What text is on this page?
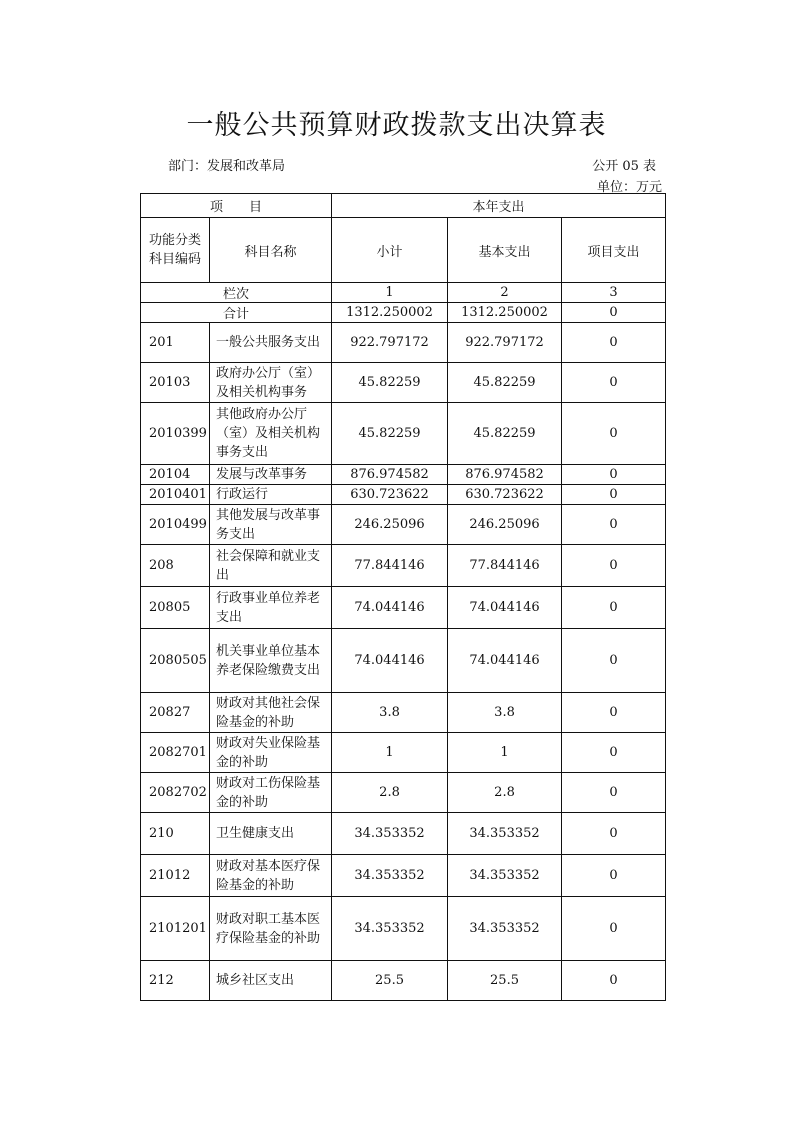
一般公共预算财政拨款支出决算表
部门：发展和改革局	公开 05 表
单位：万元
项　　目		本年支出		
功能分类科目编码	科目名称	小计	基本支出	项目支出
栏次		1	2	3
合计		1312.250002	1312.250002	0
201	一般公共服务支出	922.797172	922.797172	0
20103	政府办公厅（室）及相关机构事务	45.82259	45.82259	0
2010399	其他政府办公厅（室）及相关机构事务支出	45.82259	45.82259	0
20104	发展与改革事务	876.974582	876.974582	0
2010401	行政运行	630.723622	630.723622	0
2010499	其他发展与改革事务支出	246.25096	246.25096	0
208	社会保障和就业支出	77.844146	77.844146	0
20805	行政事业单位养老支出	74.044146	74.044146	0
2080505	机关事业单位基本养老保险缴费支出	74.044146	74.044146	0
20827	财政对其他社会保险基金的补助	3.8	3.8	0
2082701	财政对失业保险基金的补助	1	1	0
2082702	财政对工伤保险基金的补助	2.8	2.8	0
210	卫生健康支出	34.353352	34.353352	0
21012	财政对基本医疗保险基金的补助	34.353352	34.353352	0
2101201	财政对职工基本医疗保险基金的补助	34.353352	34.353352	0
212	城乡社区支出	25.5	25.5	0
